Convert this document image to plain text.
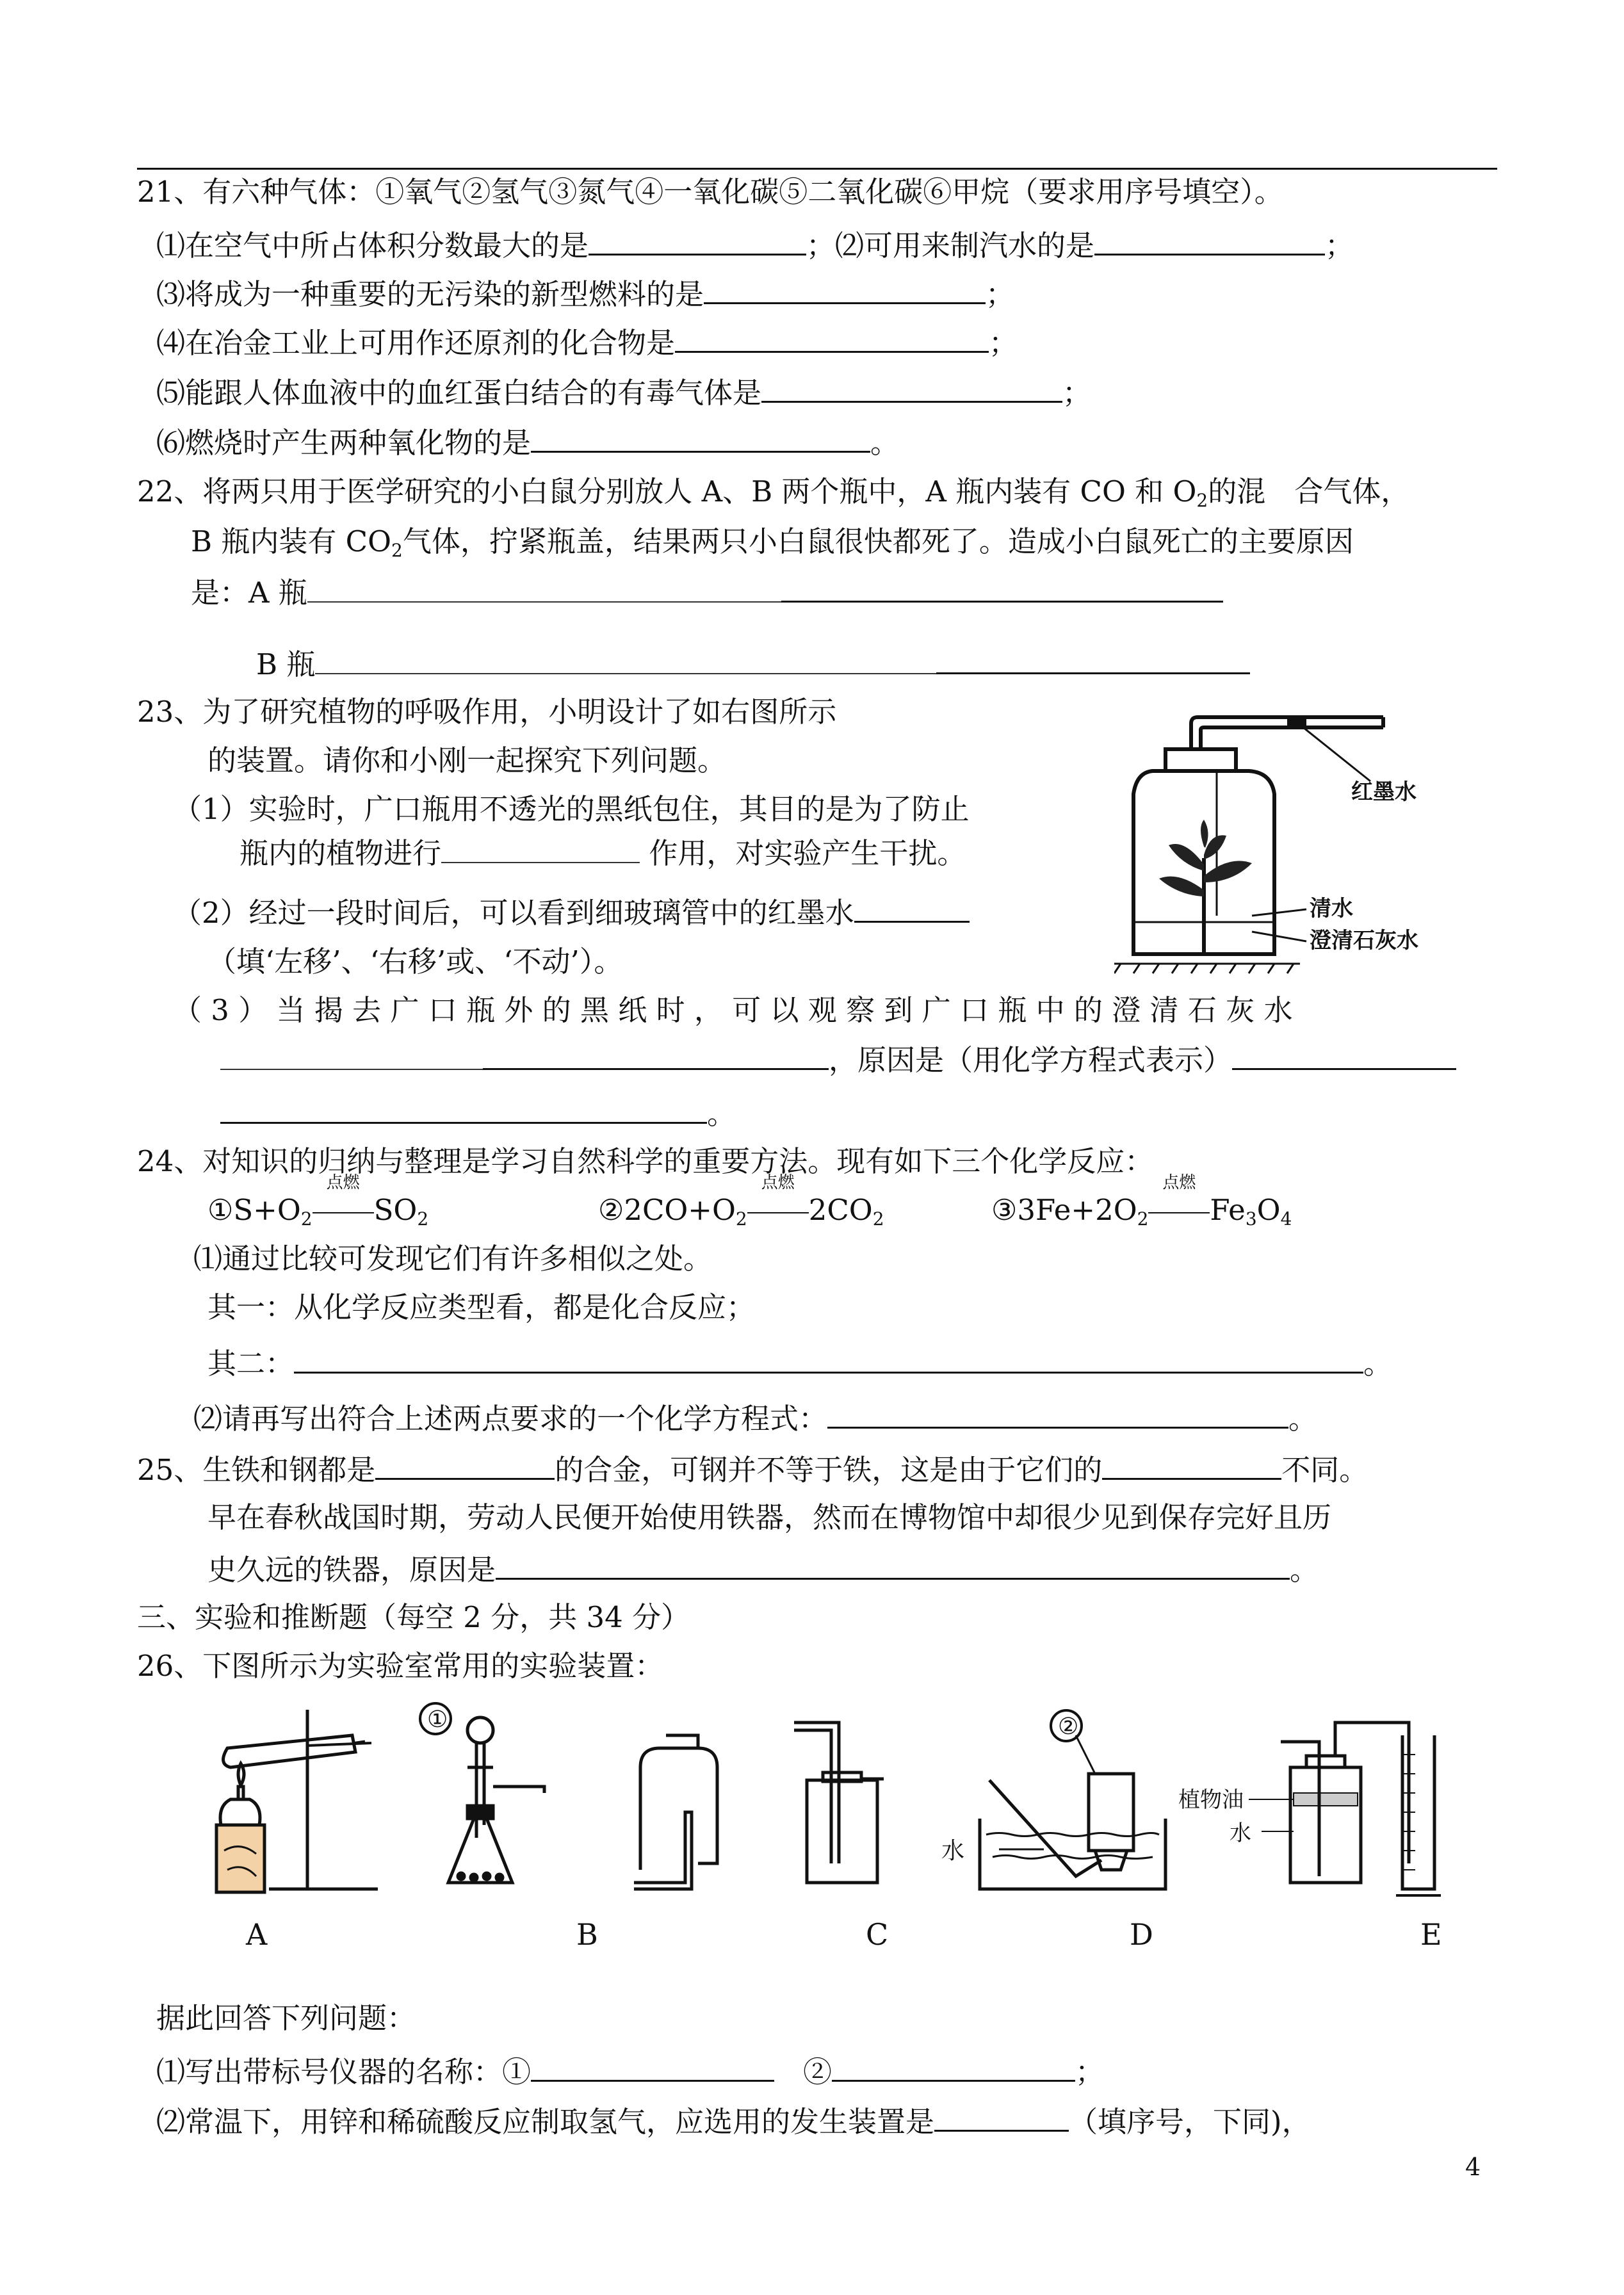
21、有六种气体：①氧气②氢气③氮气④一氧化碳⑤二氧化碳⑥甲烷（要求用序号填空）。
⑴在空气中所占体积分数最大的是	；⑵可用来制汽水的是	；
⑶将成为一种重要的无污染的新型燃料的是	；
⑷在冶金工业上可用作还原剂的化合物是	；
⑸能跟人体血液中的血红蛋白结合的有毒气体是	；
⑹燃烧时产生两种氧化物的是	。
22、将两只用于医学研究的小白鼠分别放人 A、B 两个瓶中，A 瓶内装有 CO 和 $O_2$的混　合气体，
B 瓶内装有 $CO_2$气体，拧紧瓶盖，结果两只小白鼠很快都死了。造成小白鼠死亡的主要原因
是：A 瓶
B 瓶
23、为了研究植物的呼吸作用，小明设计了如右图所示
的装置。请你和小刚一起探究下列问题。
（1）实验时，广口瓶用不透光的黑纸包住，其目的是为了防止
瓶内的植物进行	作用，对实验产生干扰。
（2）经过一段时间后，可以看到细玻璃管中的红墨水
（填‘左移’、‘右移’或、‘不动’）。
（ 3 ） 当 揭 去 广 口 瓶 外 的 黑 纸 时 ， 可 以 观 察 到 广 口 瓶 中 的 澄 清 石 灰 水
，原因是（用化学方程式表示）
。
红墨水
清水
澄清石灰水
24、对知识的归纳与整理是学习自然科学的重要方法。现有如下三个化学反应：
$①S+O_2$
点燃
$SO_2$	$②2CO+O_2$
点燃
$2CO_2$	$③3Fe+2O_2$
点燃
$Fe_3O_4$
⑴通过比较可发现它们有许多相似之处。
其一：从化学反应类型看，都是化合反应；
其二：	。
⑵请再写出符合上述两点要求的一个化学方程式：	。
25、生铁和钢都是	的合金，可钢并不等于铁，这是由于它们的	不同。
早在春秋战国时期，劳动人民便开始使用铁器，然而在博物馆中却很少见到保存完好且历
史久远的铁器，原因是	。
三、实验和推断题（每空 2 分，共 34 分）
26、下图所示为实验室常用的实验装置：
②
水
植物油
水
①
A	B	C	D	E
据此回答下列问题：
⑴写出带标号仪器的名称：①　	②	；
⑵常温下，用锌和稀硫酸反应制取氢气，应选用的发生装置是	（填序号，下同)，
4
